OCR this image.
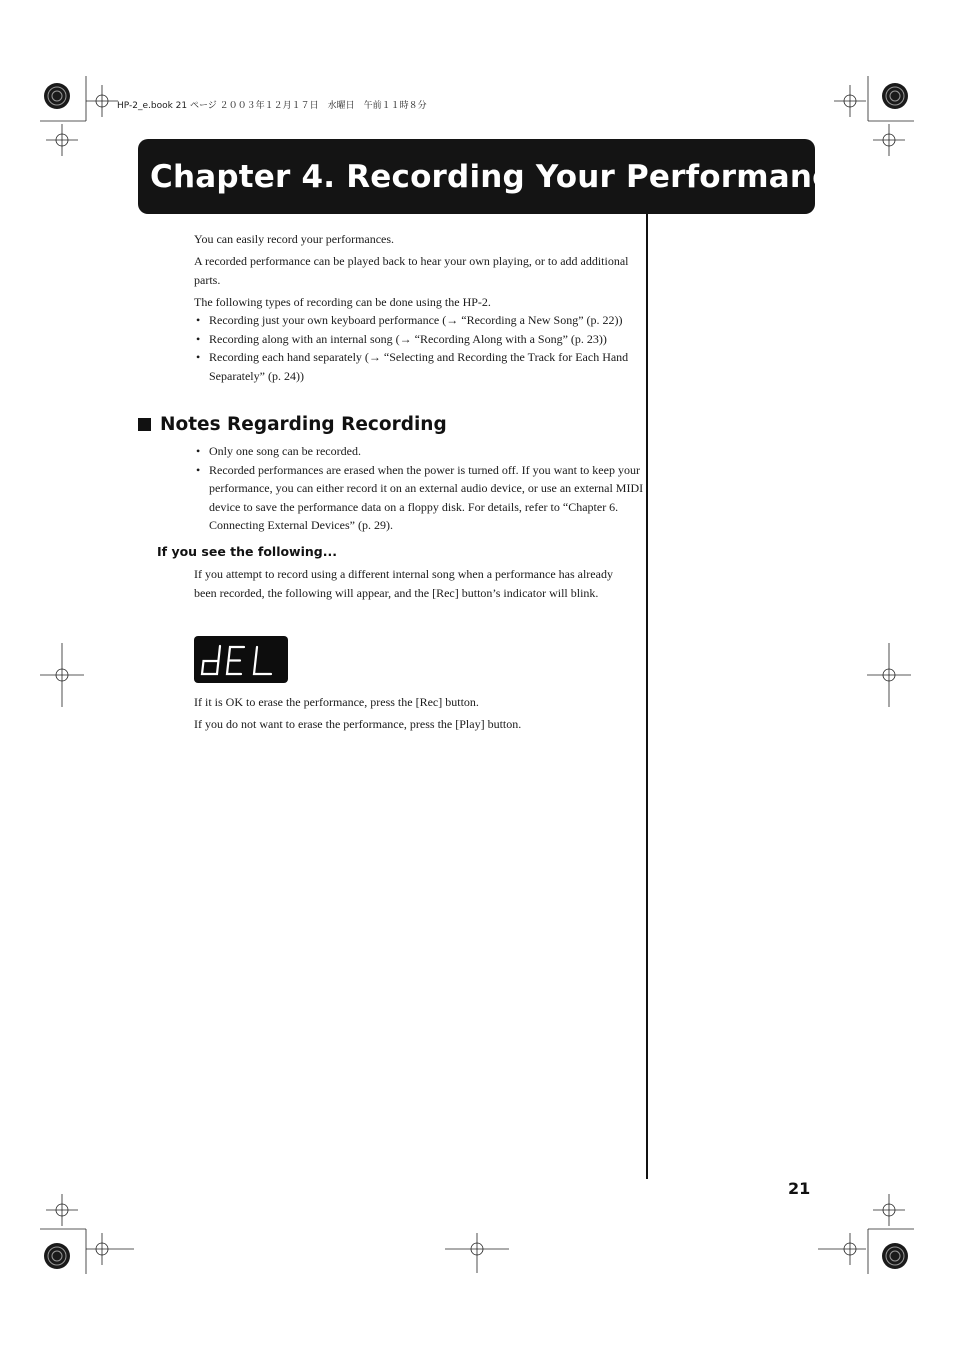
HP-2_e.book 21 ページ ２００３年１２月１７日　水曜日　午前１１時８分
Chapter 4. Recording Your Performance
You can easily record your performances.
A recorded performance can be played back to hear your own playing, or to add additional parts.
The following types of recording can be done using the HP-2.
• Recording just your own keyboard performance (→ “Recording a New Song” (p. 22))
• Recording along with an internal song (→ “Recording Along with a Song” (p. 23))
• Recording each hand separately (→ “Selecting and Recording the Track for Each Hand Separately” (p. 24))
Notes Regarding Recording
• Only one song can be recorded.
• Recorded performances are erased when the power is turned off. If you want to keep your performance, you can either record it on an external audio device, or use an external MIDI device to save the performance data on a floppy disk. For details, refer to “Chapter 6. Connecting External Devices” (p. 29).
If you see the following...
If you attempt to record using a different internal song when a performance has already been recorded, the following will appear, and the [Rec] button’s indicator will blink.
If it is OK to erase the performance, press the [Rec] button.
If you do not want to erase the performance, press the [Play] button.
21
